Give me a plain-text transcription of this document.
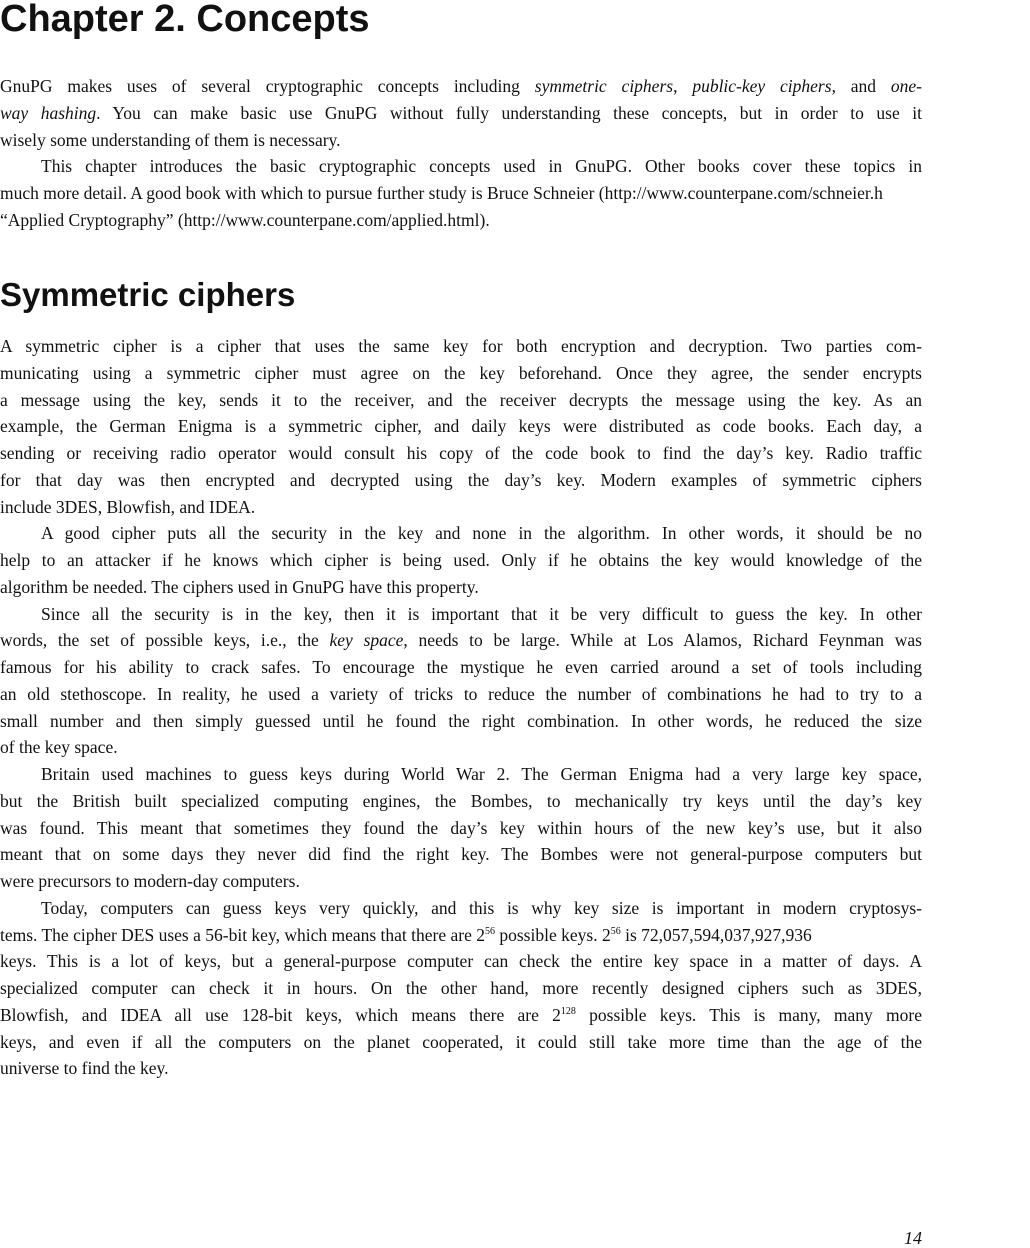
Chapter 2. Concepts
GnuPG makes uses of several cryptographic concepts including symmetric ciphers, public-key ciphers, and one-
way hashing. You can make basic use GnuPG without fully understanding these concepts, but in order to use it
wisely some understanding of them is necessary.
This chapter introduces the basic cryptographic concepts used in GnuPG. Other books cover these topics in
much more detail. A good book with which to pursue further study is Bruce Schneier (http://www.counterpane.com/schneier.h
“Applied Cryptography” (http://www.counterpane.com/applied.html).
Symmetric ciphers
A symmetric cipher is a cipher that uses the same key for both encryption and decryption. Two parties com-
municating using a symmetric cipher must agree on the key beforehand. Once they agree, the sender encrypts
a message using the key, sends it to the receiver, and the receiver decrypts the message using the key. As an
example, the German Enigma is a symmetric cipher, and daily keys were distributed as code books. Each day, a
sending or receiving radio operator would consult his copy of the code book to find the day’s key. Radio traffic
for that day was then encrypted and decrypted using the day’s key. Modern examples of symmetric ciphers
include 3DES, Blowfish, and IDEA.
A good cipher puts all the security in the key and none in the algorithm. In other words, it should be no
help to an attacker if he knows which cipher is being used. Only if he obtains the key would knowledge of the
algorithm be needed. The ciphers used in GnuPG have this property.
Since all the security is in the key, then it is important that it be very difficult to guess the key. In other
words, the set of possible keys, i.e., the key space, needs to be large. While at Los Alamos, Richard Feynman was
famous for his ability to crack safes. To encourage the mystique he even carried around a set of tools including
an old stethoscope. In reality, he used a variety of tricks to reduce the number of combinations he had to try to a
small number and then simply guessed until he found the right combination. In other words, he reduced the size
of the key space.
Britain used machines to guess keys during World War 2. The German Enigma had a very large key space,
but the British built specialized computing engines, the Bombes, to mechanically try keys until the day’s key
was found. This meant that sometimes they found the day’s key within hours of the new key’s use, but it also
meant that on some days they never did find the right key. The Bombes were not general-purpose computers but
were precursors to modern-day computers.
Today, computers can guess keys very quickly, and this is why key size is important in modern cryptosys-
tems. The cipher DES uses a 56-bit key, which means that there are $2^{56}$ possible keys. $2^{56}$ is 72,057,594,037,927,936
keys. This is a lot of keys, but a general-purpose computer can check the entire key space in a matter of days. A
specialized computer can check it in hours. On the other hand, more recently designed ciphers such as 3DES,
Blowfish, and IDEA all use 128-bit keys, which means there are $2^{128}$ possible keys. This is many, many more
keys, and even if all the computers on the planet cooperated, it could still take more time than the age of the
universe to find the key.
14
